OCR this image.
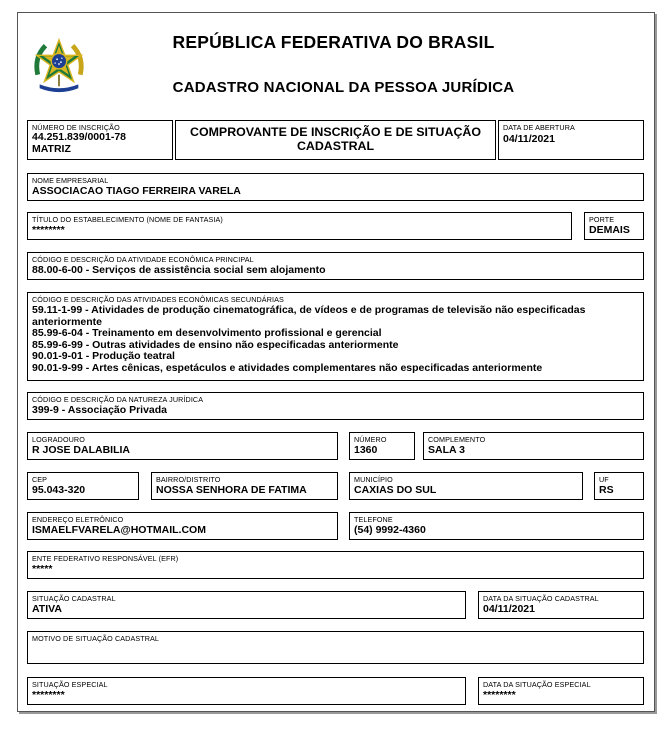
REPÚBLICA FEDERATIVA DO BRASIL
CADASTRO NACIONAL DA PESSOA JURÍDICA
NÚMERO DE INSCRIÇÃO
44.251.839/0001-78
MATRIZ
COMPROVANTE DE INSCRIÇÃO E DE SITUAÇÃO
CADASTRAL
DATA DE ABERTURA
04/11/2021
NOME EMPRESARIAL
ASSOCIACAO TIAGO FERREIRA VARELA
TÍTULO DO ESTABELECIMENTO (NOME DE FANTASIA)
********
PORTE
DEMAIS
CÓDIGO E DESCRIÇÃO DA ATIVIDADE ECONÔMICA PRINCIPAL
88.00-6-00 - Serviços de assistência social sem alojamento
CÓDIGO E DESCRIÇÃO DAS ATIVIDADES ECONÔMICAS SECUNDÁRIAS
59.11-1-99 - Atividades de produção cinematográfica, de vídeos e de programas de televisão não especificadas
anteriormente
85.99-6-04 - Treinamento em desenvolvimento profissional e gerencial
85.99-6-99 - Outras atividades de ensino não especificadas anteriormente
90.01-9-01 - Produção teatral
90.01-9-99 - Artes cênicas, espetáculos e atividades complementares não especificadas anteriormente
CÓDIGO E DESCRIÇÃO DA NATUREZA JURÍDICA
399-9 - Associação Privada
LOGRADOURO
R JOSE DALABILIA
NÚMERO
1360
COMPLEMENTO
SALA 3
CEP
95.043-320
BAIRRO/DISTRITO
NOSSA SENHORA DE FATIMA
MUNICÍPIO
CAXIAS DO SUL
UF
RS
ENDEREÇO ELETRÔNICO
ISMAELFVARELA@HOTMAIL.COM
TELEFONE
(54) 9992-4360
ENTE FEDERATIVO RESPONSÁVEL (EFR)
*****
SITUAÇÃO CADASTRAL
ATIVA
DATA DA SITUAÇÃO CADASTRAL
04/11/2021
MOTIVO DE SITUAÇÃO CADASTRAL
SITUAÇÃO ESPECIAL
********
DATA DA SITUAÇÃO ESPECIAL
********
